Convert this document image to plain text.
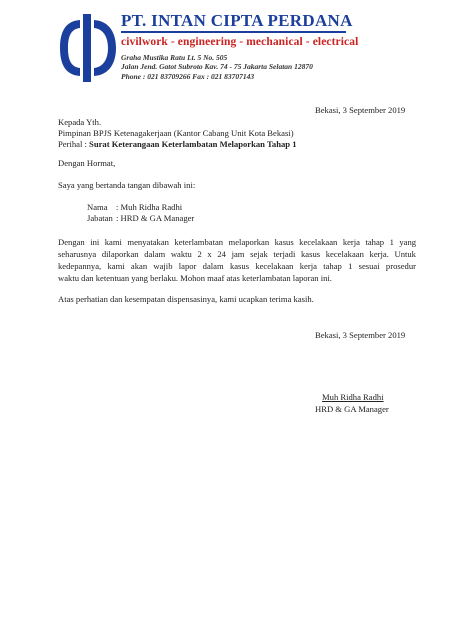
PT. INTAN CIPTA PERDANA
civilwork - engineering - mechanical - electrical
Graha Mustika Ratu Lt. 5 No. 505
Jalan Jend. Gatot Subroto Kav. 74 - 75 Jakarta Selatan 12870
Phone : 021 83709266 Fax : 021 83707143
Bekasi, 3 September 2019
Kepada Yth.
Pimpinan BPJS Ketenagakerjaan (Kantor Cabang Unit Kota Bekasi)
Perihal : Surat Keterangaan Keterlambatan Melaporkan Tahap 1
Dengan Hormat,
Saya yang bertanda tangan dibawah ini:
Nama : Muh Ridha Radhi
Jabatan : HRD & GA Manager
Dengan ini kami menyatakan keterlambatan melaporkan kasus kecelakaan kerja tahap 1 yang
seharusnya dilaporkan dalam waktu 2 x 24 jam sejak terjadi kasus kecelakaan kerja. Untuk
kedepannya, kami akan wajib lapor dalam kasus kecelakaan kerja tahap 1 sesuai prosedur
waktu dan ketentuan yang berlaku. Mohon maaf atas keterlambatan laporan ini.
Atas perhatian dan kesempatan dispensasinya, kami ucapkan terima kasih.
Bekasi, 3 September 2019
Muh Ridha Radhi
HRD & GA Manager
